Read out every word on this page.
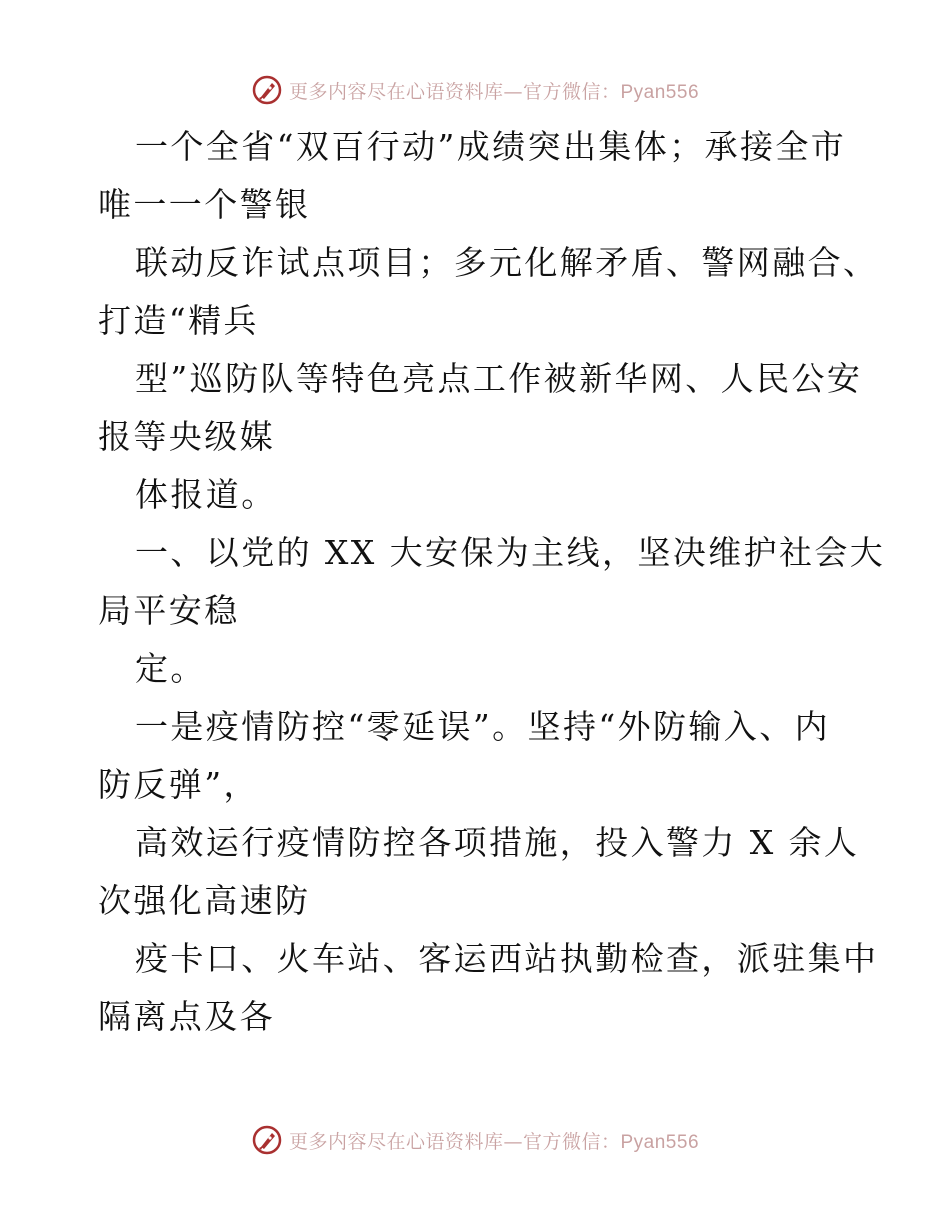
更多内容尽在心语资料库—官方微信：Pyan556
一个全省“双百行动”成绩突出集体；承接全市
唯一一个警银
联动反诈试点项目；多元化解矛盾、警网融合、
打造“精兵
型”巡防队等特色亮点工作被新华网、人民公安
报等央级媒
体报道。
一、以党的 XX 大安保为主线，坚决维护社会大
局平安稳
定。
一是疫情防控“零延误”。坚持“外防输入、内
防反弹”，
高效运行疫情防控各项措施，投入警力 X 余人
次强化高速防
疫卡口、火车站、客运西站执勤检查，派驻集中
隔离点及各
更多内容尽在心语资料库—官方微信：Pyan556
